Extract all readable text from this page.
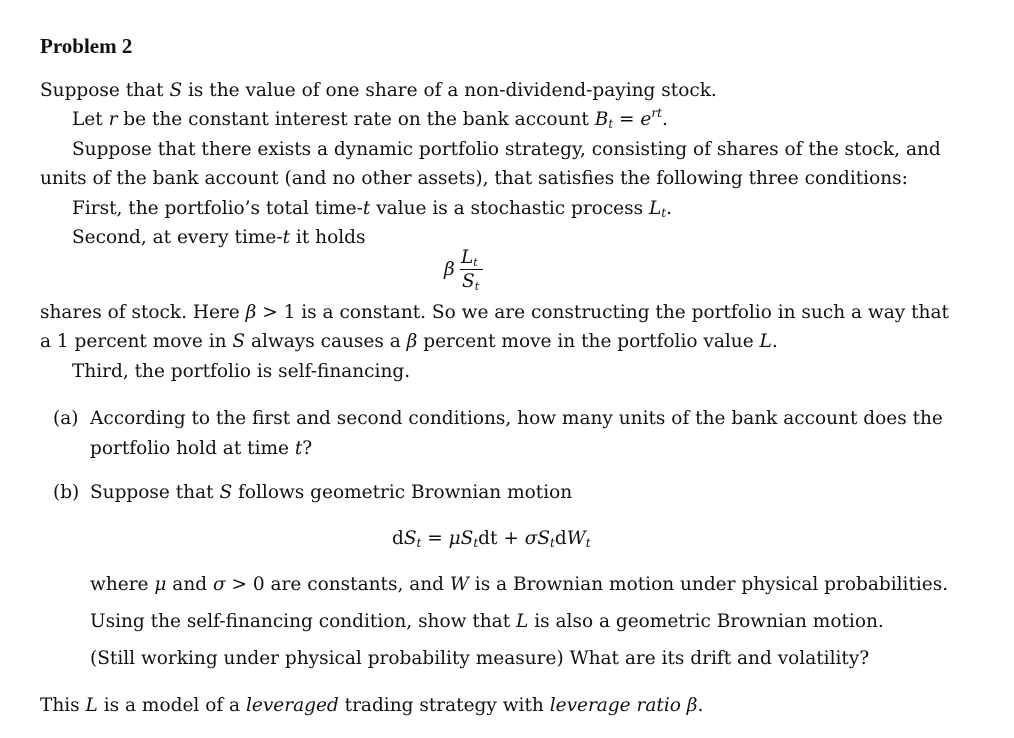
Problem 2
Suppose that S is the value of one share of a non-dividend-paying stock.
Let r be the constant interest rate on the bank account $B_t = e^{rt}$.
Suppose that there exists a dynamic portfolio strategy, consisting of shares of the stock, and
units of the bank account (and no other assets), that satisfies the following three conditions:
First, the portfolio’s total time-t value is a stochastic process $L_t$.
Second, at every time-t it holds
β
$L_t$
$S_t$
shares of stock. Here β > 1 is a constant. So we are constructing the portfolio in such a way that
a 1 percent move in S always causes a β percent move in the portfolio value L.
Third, the portfolio is self-financing.
(a) According to the first and second conditions, how many units of the bank account does the
portfolio hold at time t?
(b) Suppose that S follows geometric Brownian motion
$dS_t = \mu S_tdt + \sigma S_tdW_t$
where μ and σ > 0 are constants, and W is a Brownian motion under physical probabilities.
Using the self-financing condition, show that L is also a geometric Brownian motion.
(Still working under physical probability measure) What are its drift and volatility?
This L is a model of a leveraged trading strategy with leverage ratio β.
